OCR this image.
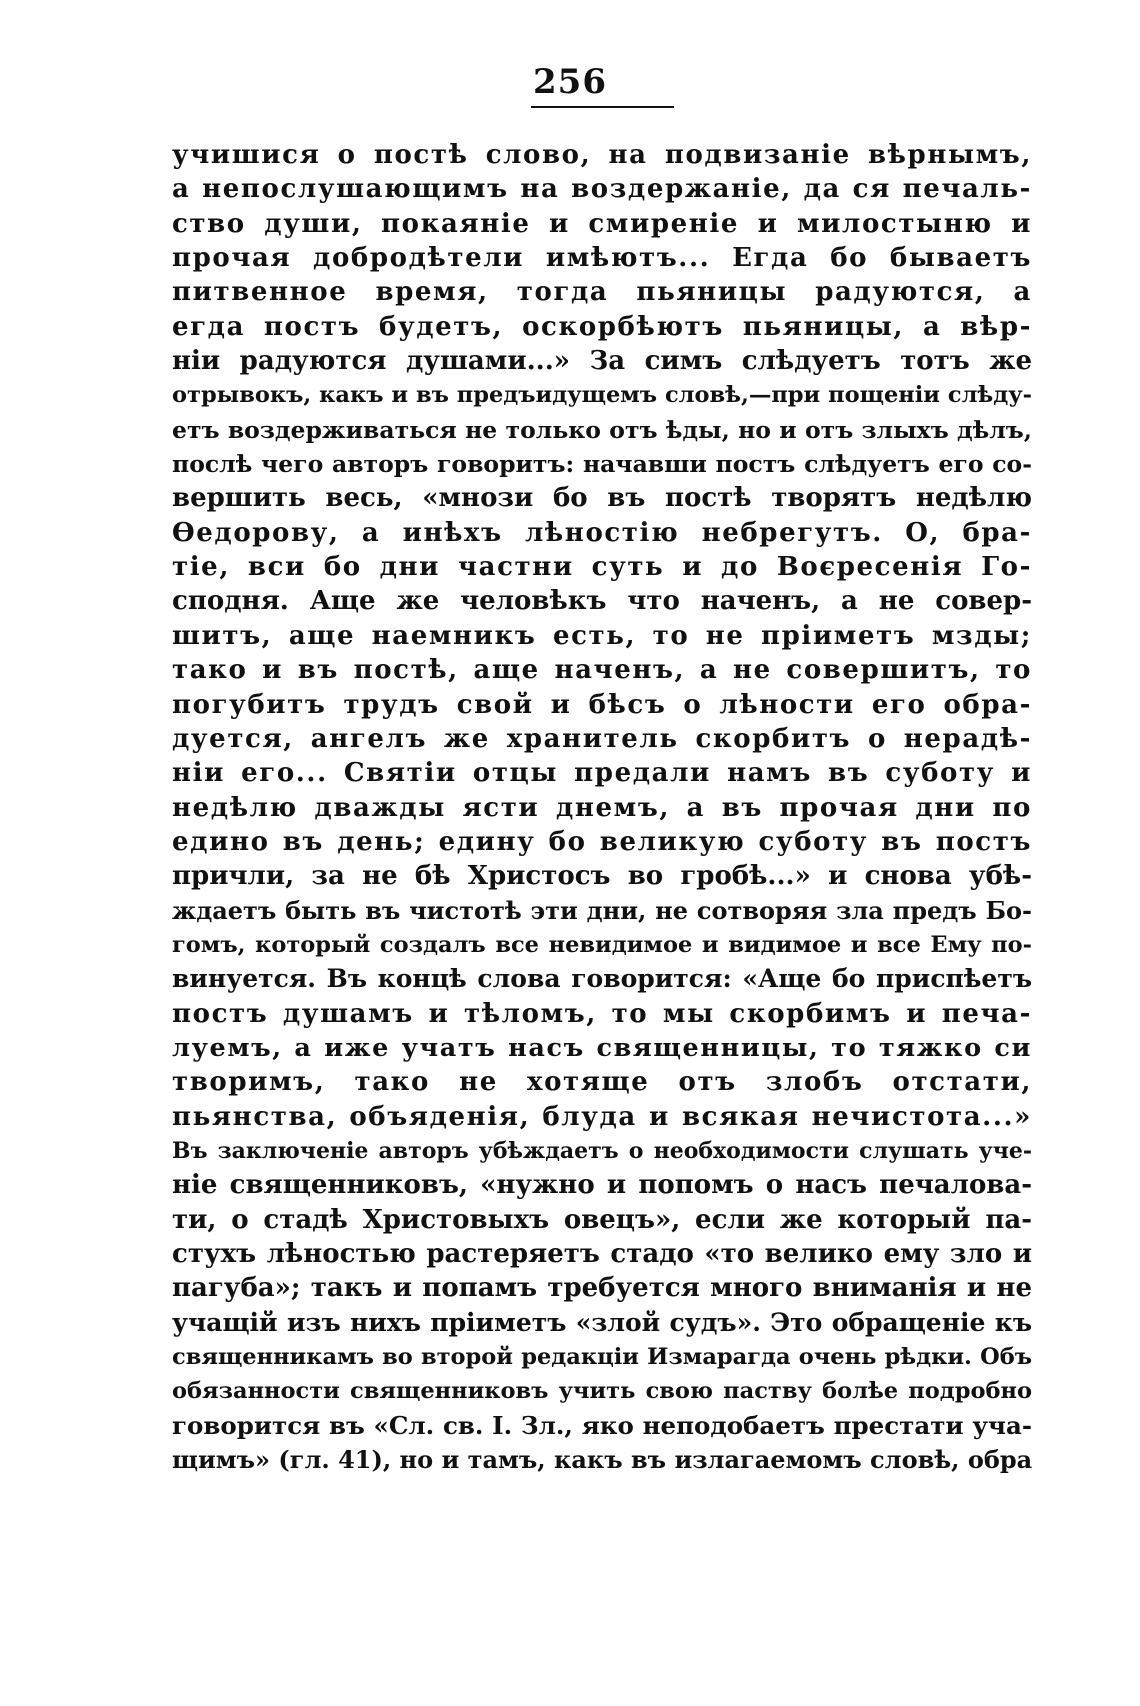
256
учишися о постѣ слово, на подвизаніе вѣрнымъ,
а непослушающимъ на воздержаніе, да ся печаль-
ство души, покаяніе и смиреніе и милостыню и
прочая добродѣтели имѣютъ... Егда бо бываетъ
питвенное время, тогда пьяницы радуются, а
егда постъ будетъ, оскорбѣютъ пьяницы, а вѣр-
ніи радуются душами...» За симъ слѣдуетъ тотъ же
отрывокъ, какъ и въ предъидущемъ словѣ,—при пощеніи слѣду-
етъ воздерживаться не только отъ ѣды, но и отъ злыхъ дѣлъ,
послѣ чего авторъ говоритъ: начавши постъ слѣдуетъ его со-
вершить весь, «мнози бо въ постѣ творятъ недѣлю
Ѳедорову, а инѣхъ лѣностію небрегутъ. О, бра-
тіе, вси бо дни частни суть и до Воєресенія Го-
сподня. Аще же человѣкъ что наченъ, а не совер-
шитъ, аще наемникъ есть, то не пріиметъ мзды;
тако и въ постѣ, аще наченъ, а не совершитъ, то
погубитъ трудъ свой и бѣсъ о лѣности его обра-
дуется, ангелъ же хранитель скорбитъ о нерадѣ-
ніи его... Святіи отцы предали намъ въ суботу и
недѣлю дважды ясти днемъ, а въ прочая дни по
едино въ день; едину бо великую суботу въ постъ
причли, за не бѣ Христосъ во гробѣ...» и снова убѣ-
ждаетъ быть въ чистотѣ эти дни, не сотворяя зла предъ Бо-
гомъ, который создалъ все невидимое и видимое и все Ему по-
винуется. Въ концѣ слова говорится: «Аще бо приспѣетъ
постъ душамъ и тѣломъ, то мы скорбимъ и печа-
луемъ, а иже учатъ насъ священницы, то тяжко си
творимъ, тако не хотяще отъ злобъ отстати,
пьянства, объяденія, блуда и всякая нечистота...»
Въ заключеніе авторъ убѣждаетъ о необходимости слушать уче-
ніе священниковъ, «нужно и попомъ о насъ печалова-
ти, о стадѣ Христовыхъ овецъ», если же который па-
стухъ лѣностью растеряетъ стадо «то велико ему зло и
пагуба»; такъ и попамъ требуется много вниманія и не
учащій изъ нихъ пріиметъ «злой судъ». Это обращеніе къ
священникамъ во второй редакціи Измарагда очень рѣдки. Объ
обязанности священниковъ учить свою паству болѣе подробно
говорится въ «Сл. св. І. Зл., яко неподобаетъ престати уча-
щимъ» (гл. 41), но и тамъ, какъ въ излагаемомъ словѣ, обра
